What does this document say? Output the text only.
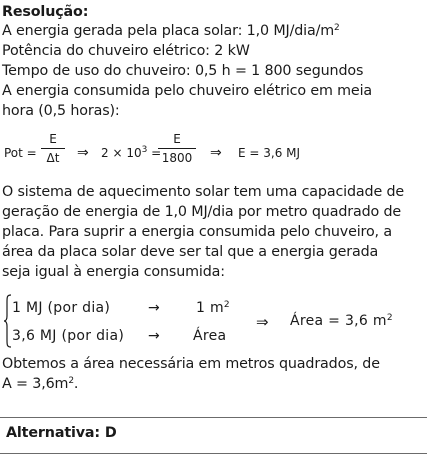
Resolução:
A energia gerada pela placa solar: 1,0 $MJ/dia/m^2$
Potência do chuveiro elétrico: 2 kW
Tempo de uso do chuveiro: 0,5 h = 1 800 segundos
A energia consumida pelo chuveiro elétrico em meia
hora (0,5 horas):
Pot =
E
Δt	⇒ $2 \times 10^3$ =
E
1800 ⇒ E = 3,6 MJ
O sistema de aquecimento solar tem uma capacidade de
geração de energia de 1,0 MJ/dia por metro quadrado de
placa. Para suprir a energia consumida pelo chuveiro, a
área da placa solar deve ser tal que a energia gerada
seja igual à energia consumida:
1 MJ (por dia)	→	1 $m^2$
3,6 MJ (por dia) → Área
⇒ Área = 3,6 $m^2$
Obtemos a área necessária em metros quadrados, de
$A = 3,6m^2$.
Alternativa: D
